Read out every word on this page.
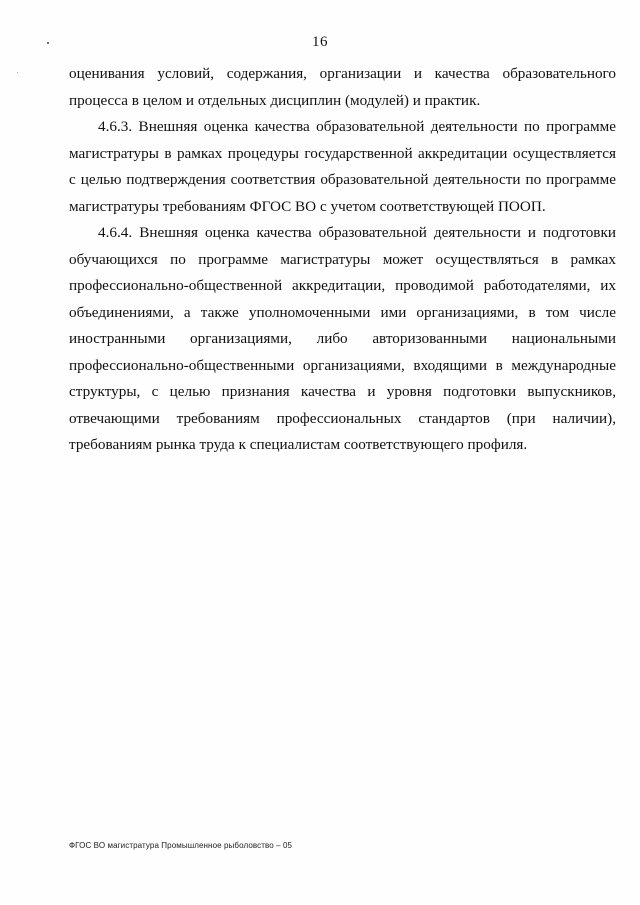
16

оценивания условий, содержания, организации и качества образовательного процесса в целом и отдельных дисциплин (модулей) и практик.

4.6.3. Внешняя оценка качества образовательной деятельности по программе магистратуры в рамках процедуры государственной аккредитации осуществляется с целью подтверждения соответствия образовательной деятельности по программе магистратуры требованиям ФГОС ВО с учетом соответствующей ПООП.

4.6.4. Внешняя оценка качества образовательной деятельности и подготовки обучающихся по программе магистратуры может осуществляться в рамках профессионально-общественной аккредитации, проводимой работодателями, их объединениями, а также уполномоченными ими организациями, в том числе иностранными организациями, либо авторизованными национальными профессионально-общественными организациями, входящими в международные структуры, с целью признания качества и уровня подготовки выпускников, отвечающими требованиям профессиональных стандартов (при наличии), требованиям рынка труда к специалистам соответствующего профиля.

ФГОС ВО магистратура Промышленное рыболовство – 05
